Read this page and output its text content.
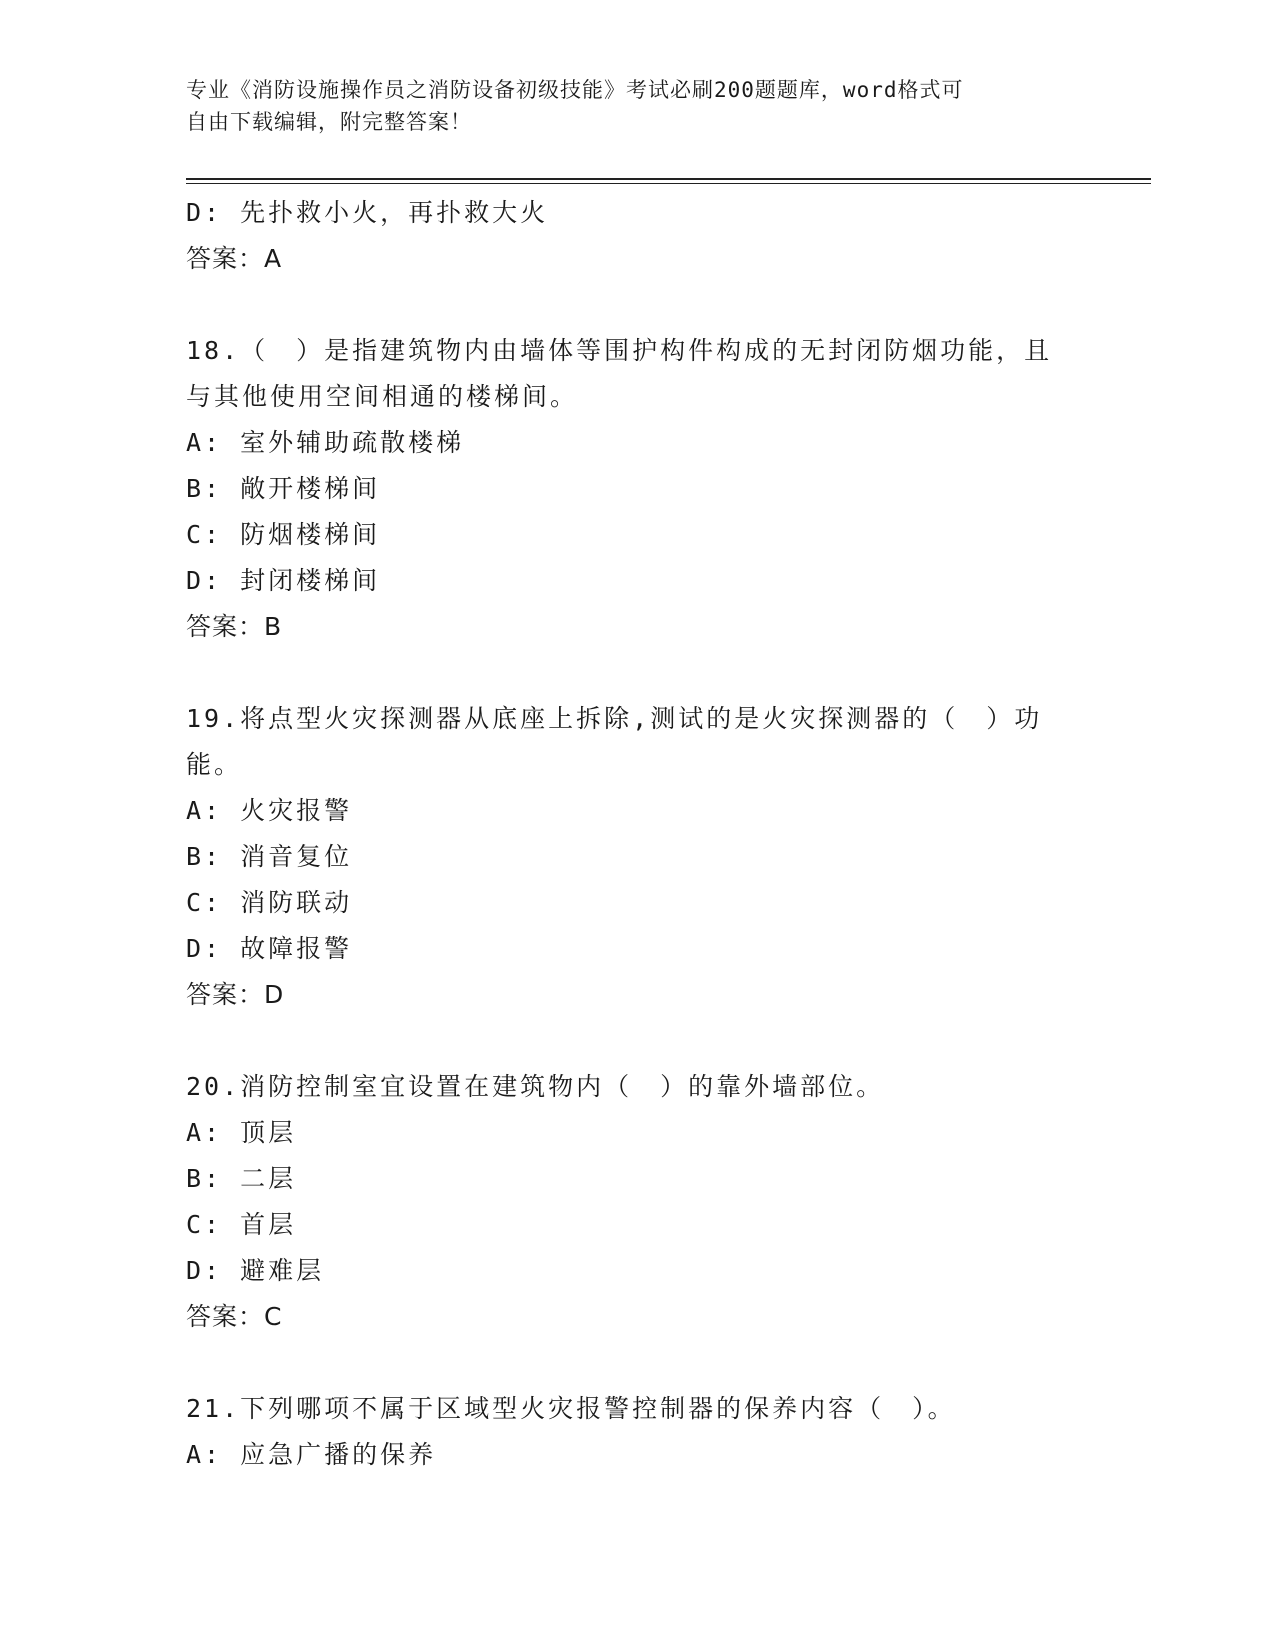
专业《消防设施操作员之消防设备初级技能》考试必刷200题题库，word格式可
自由下载编辑，附完整答案！
D: 先扑救小火，再扑救大火
答案：A
18.（　）是指建筑物内由墙体等围护构件构成的无封闭防烟功能，且
与其他使用空间相通的楼梯间。
A: 室外辅助疏散楼梯
B: 敞开楼梯间
C: 防烟楼梯间
D: 封闭楼梯间
答案：B
19.将点型火灾探测器从底座上拆除,测试的是火灾探测器的（　）功
能。
A: 火灾报警
B: 消音复位
C: 消防联动
D: 故障报警
答案：D
20.消防控制室宜设置在建筑物内（　）的靠外墙部位。
A: 顶层
B: 二层
C: 首层
D: 避难层
答案：C
21.下列哪项不属于区域型火灾报警控制器的保养内容（　）。
A: 应急广播的保养
